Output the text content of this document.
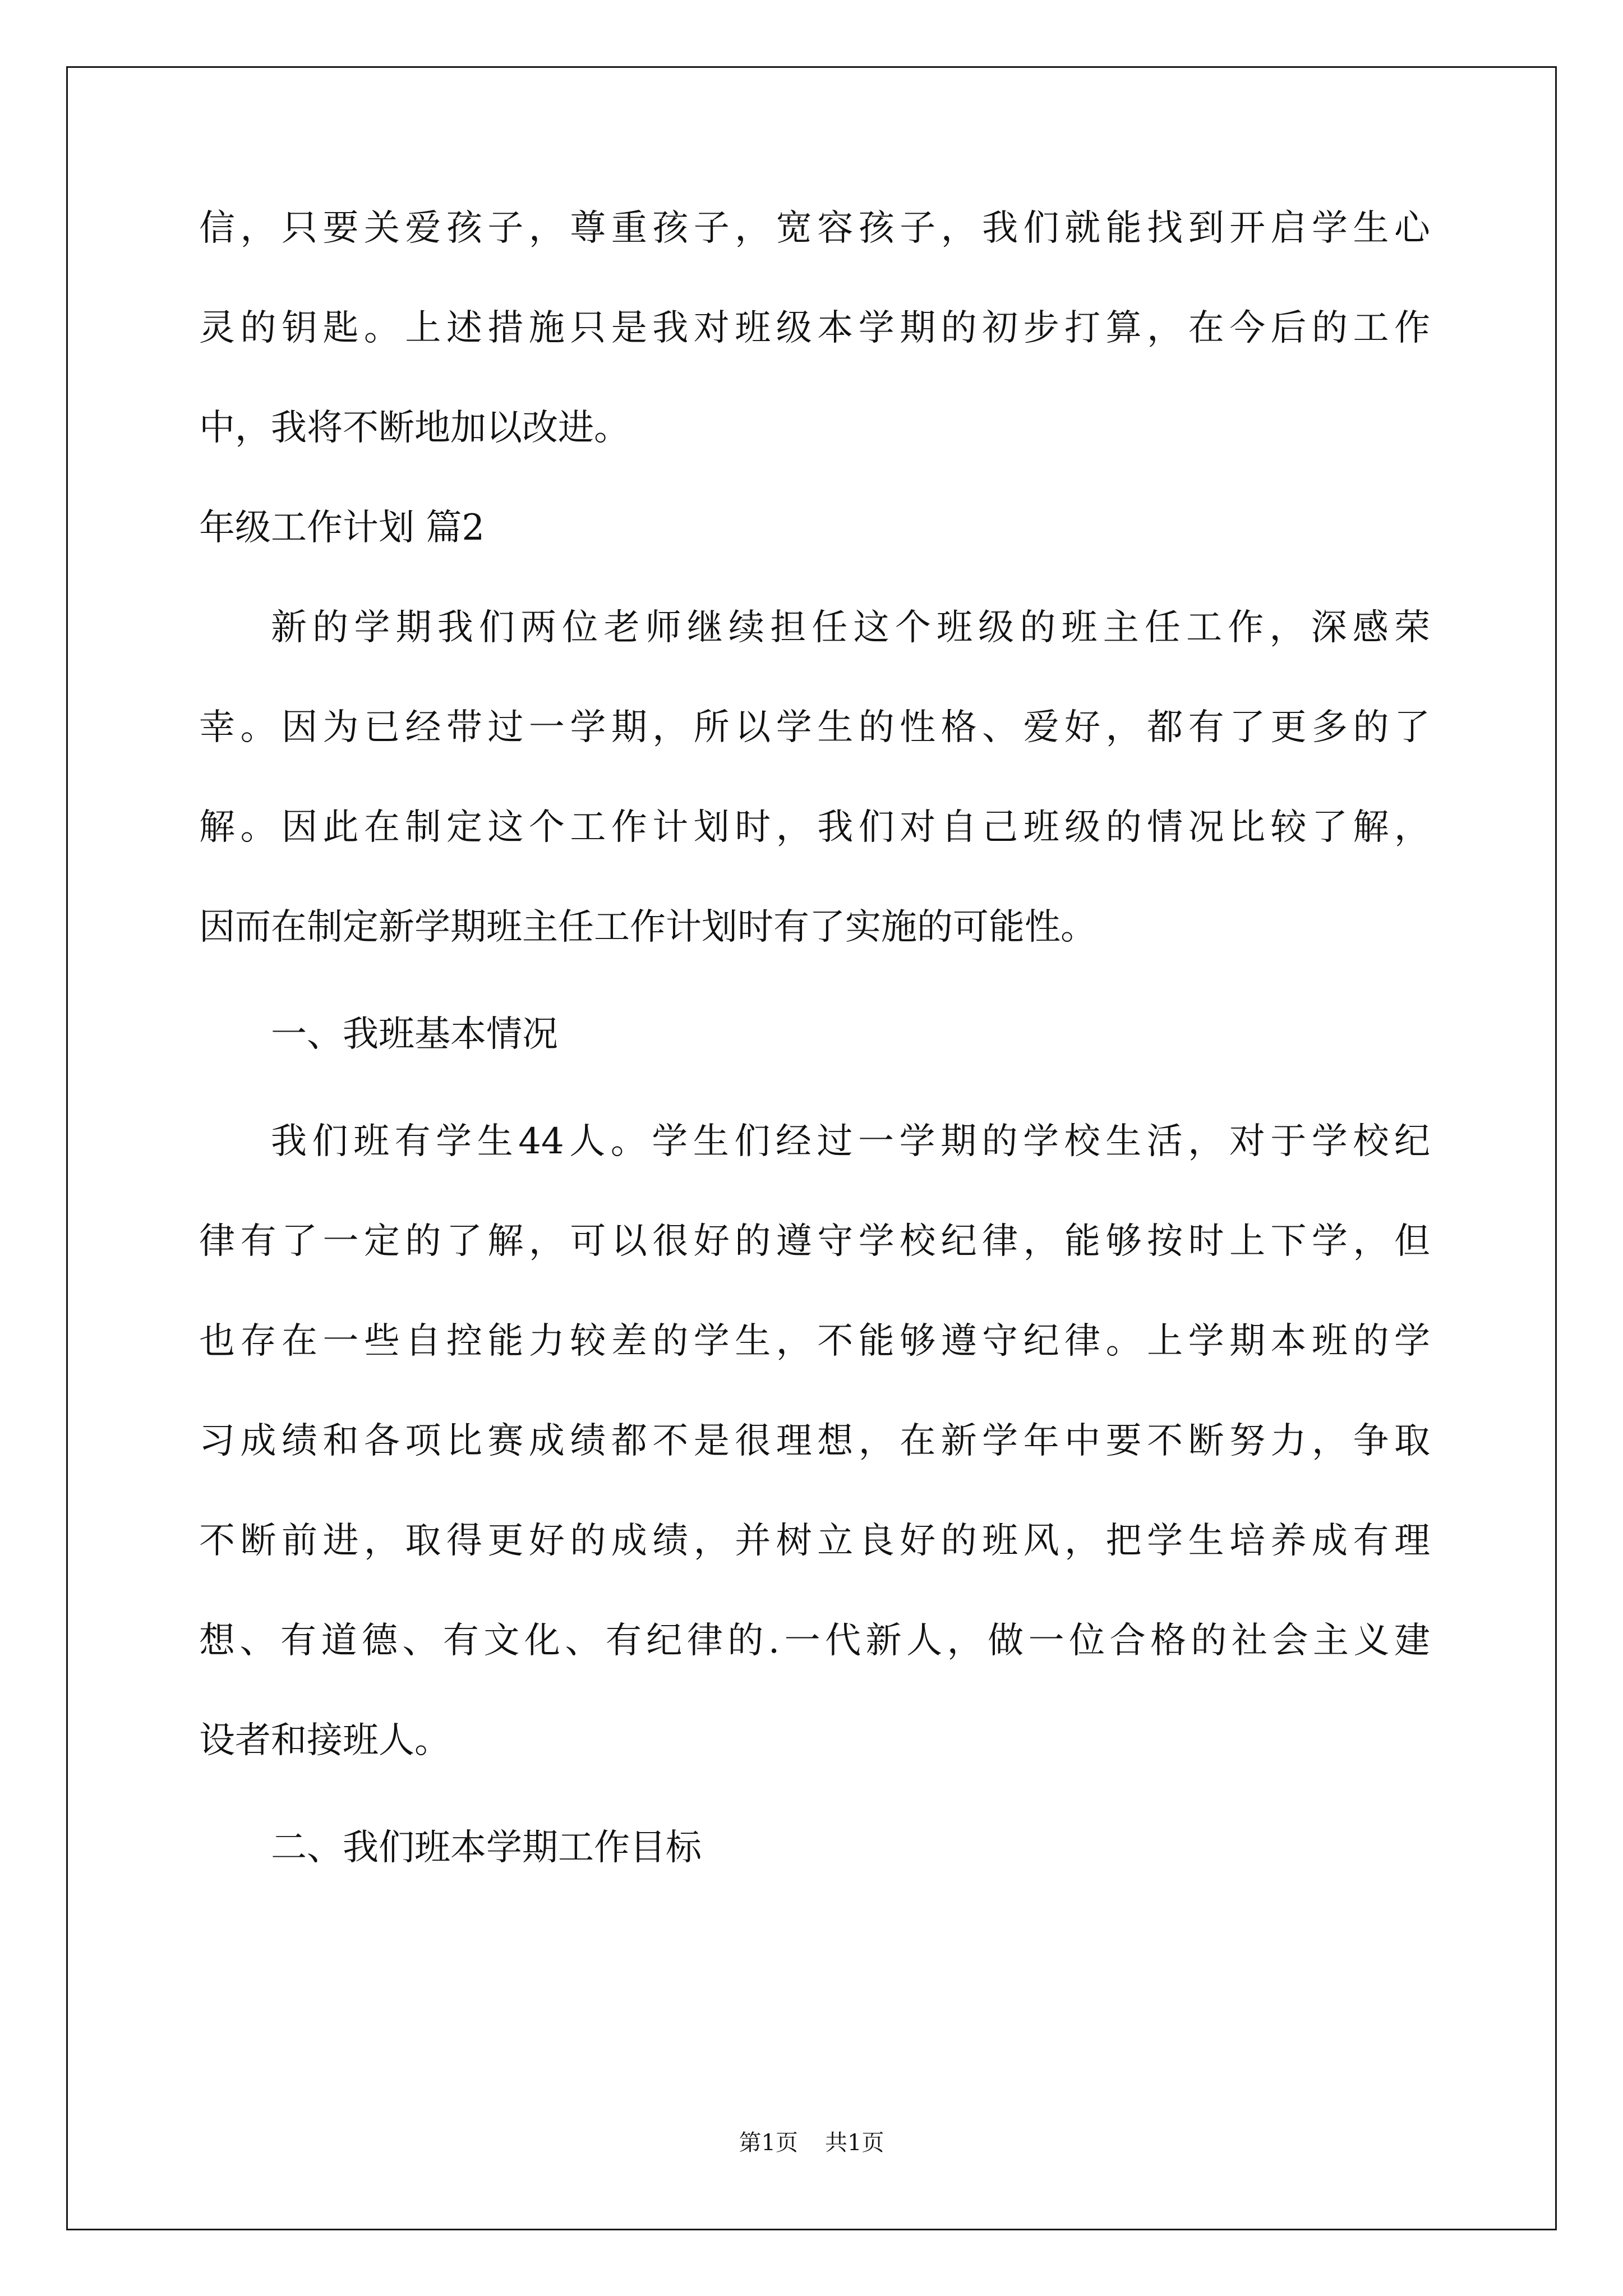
信，只要关爱孩子，尊重孩子，宽容孩子，我们就能找到开启学生心
灵的钥匙。上述措施只是我对班级本学期的初步打算，在今后的工作
中，我将不断地加以改进。
年级工作计划 篇2
新的学期我们两位老师继续担任这个班级的班主任工作，深感荣
幸。因为已经带过一学期，所以学生的性格、爱好，都有了更多的了
解。因此在制定这个工作计划时，我们对自己班级的情况比较了解，
因而在制定新学期班主任工作计划时有了实施的可能性。
一、我班基本情况
我们班有学生44人。学生们经过一学期的学校生活，对于学校纪
律有了一定的了解，可以很好的遵守学校纪律，能够按时上下学，但
也存在一些自控能力较差的学生，不能够遵守纪律。上学期本班的学
习成绩和各项比赛成绩都不是很理想，在新学年中要不断努力，争取
不断前进，取得更好的成绩，并树立良好的班风，把学生培养成有理
想、有道德、有文化、有纪律的.一代新人，做一位合格的社会主义建
设者和接班人。
二、我们班本学期工作目标
第1页 共1页
